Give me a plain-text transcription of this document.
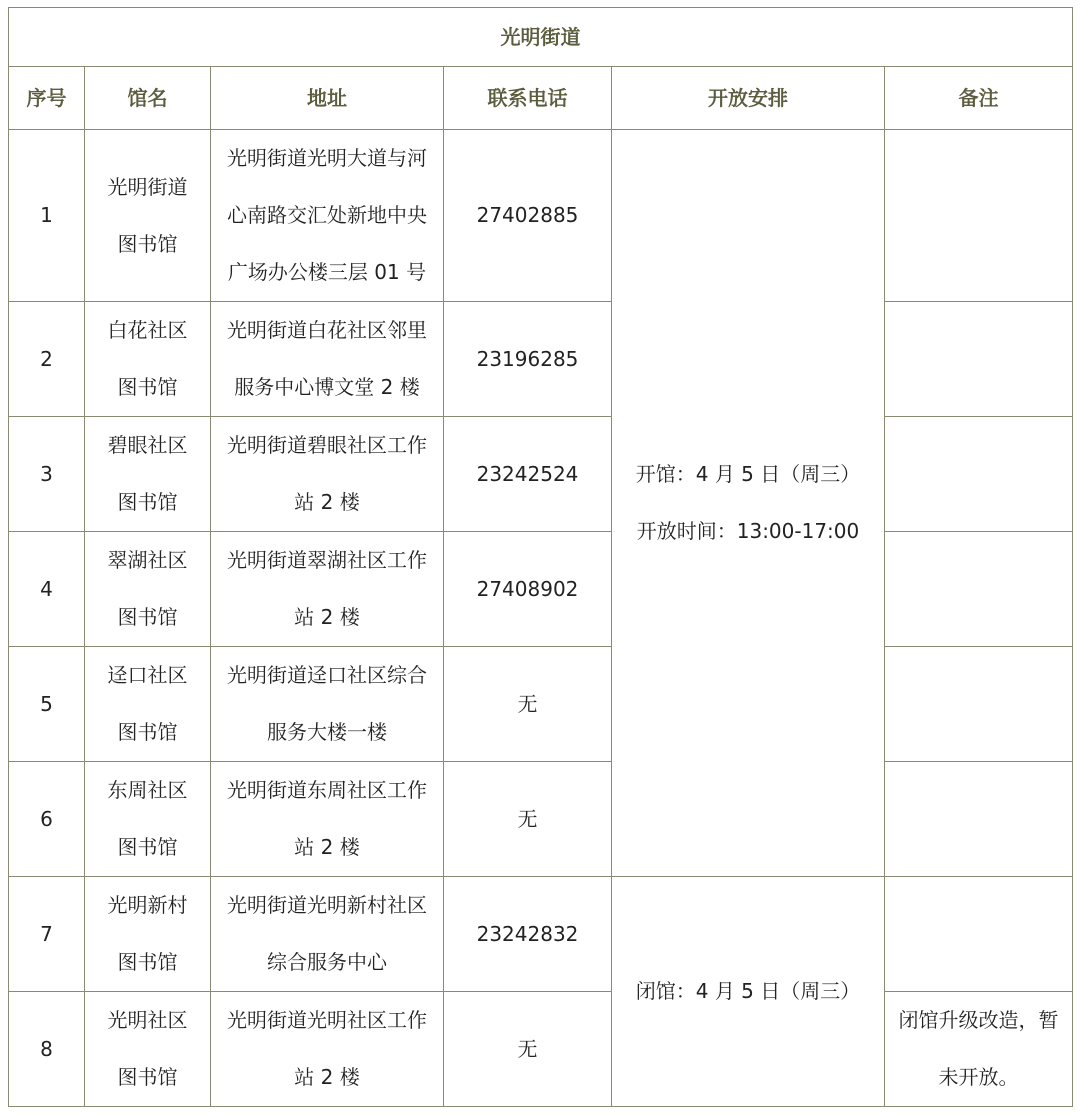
光明街道					
序号	馆名	地址	联系电话	开放安排	备注
1	光明街道图书馆	光明街道光明大道与河心南路交汇处新地中央广场办公楼三层 01 号	27402885	开馆：4 月 5 日（周三）
开放时间：13:00-17:00	

2	白花社区图书馆	光明街道白花社区邻里服务中心博文堂 2 楼	23196285		
3	碧眼社区图书馆	光明街道碧眼社区工作站 2 楼	23242524		
4	翠湖社区图书馆	光明街道翠湖社区工作站 2 楼	27408902		
5	迳口社区图书馆	光明街道迳口社区综合服务大楼一楼	无		
6	东周社区图书馆	光明街道东周社区工作站 2 楼	无		
7	光明新村图书馆	光明街道光明新村社区综合服务中心	23242832	闭馆：4 月 5 日（周三）	

8	光明社区图书馆	光明街道光明社区工作站 2 楼	无		闭馆升级改造，暂未开放。
